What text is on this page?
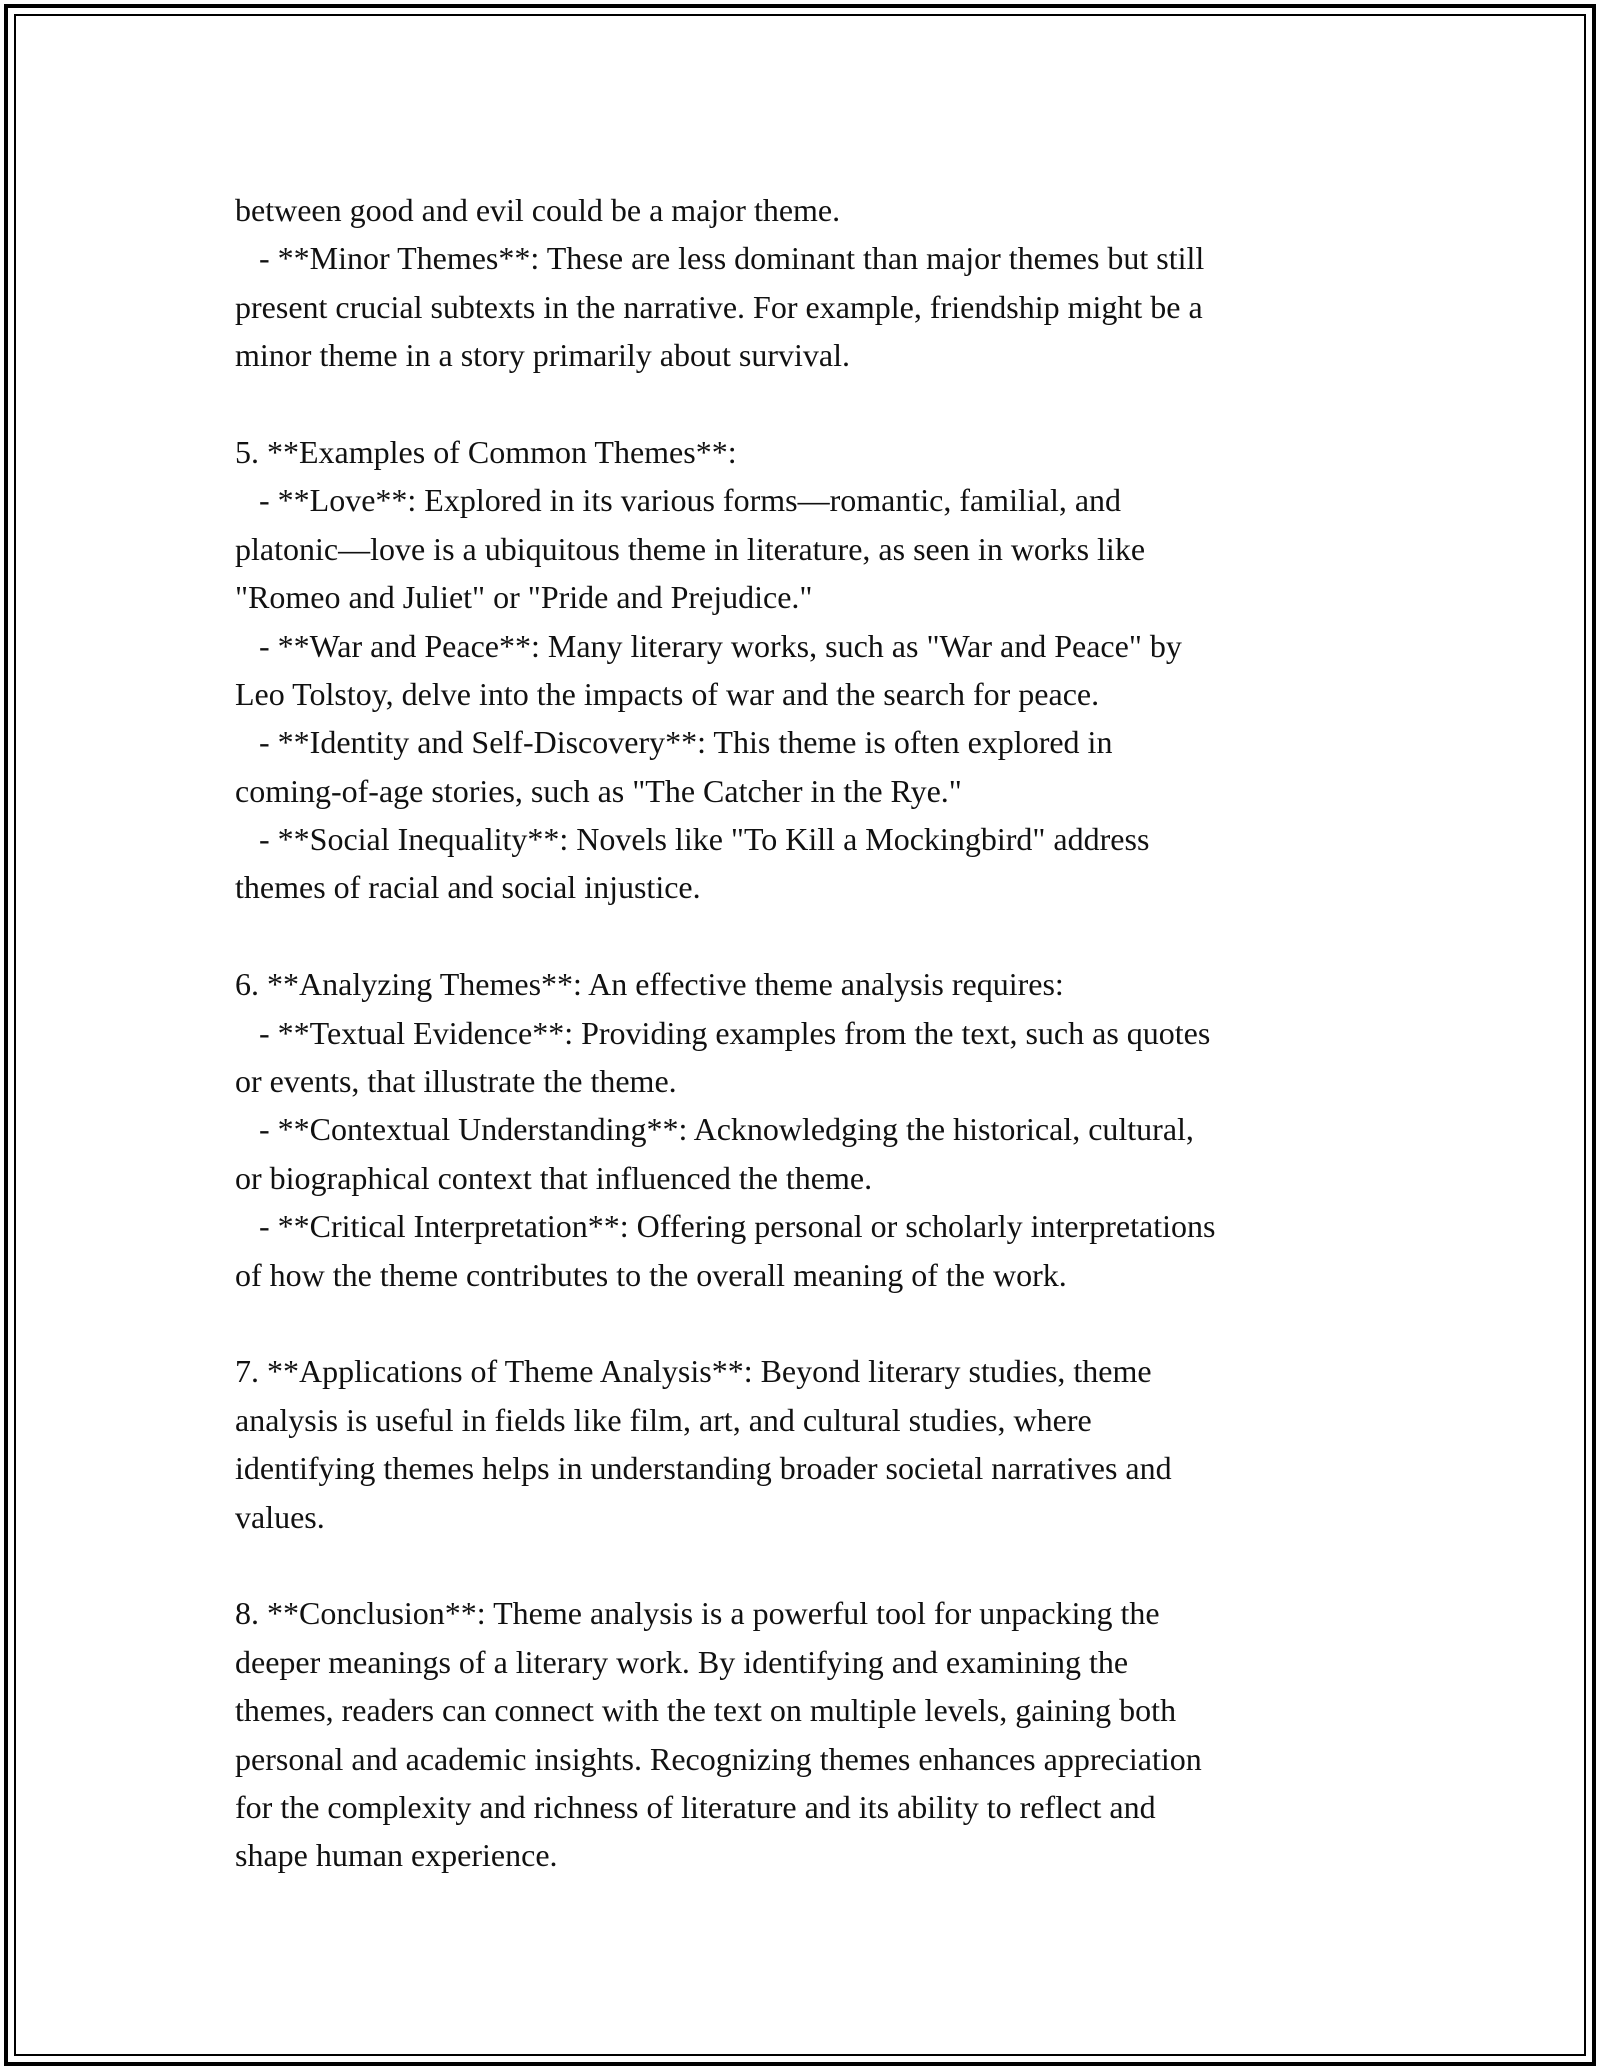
between good and evil could be a major theme.
- **Minor Themes**: These are less dominant than major themes but still
present crucial subtexts in the narrative. For example, friendship might be a
minor theme in a story primarily about survival.
5. **Examples of Common Themes**:
- **Love**: Explored in its various forms—romantic, familial, and
platonic—love is a ubiquitous theme in literature, as seen in works like
"Romeo and Juliet" or "Pride and Prejudice."
- **War and Peace**: Many literary works, such as "War and Peace" by
Leo Tolstoy, delve into the impacts of war and the search for peace.
- **Identity and Self-Discovery**: This theme is often explored in
coming-of-age stories, such as "The Catcher in the Rye."
- **Social Inequality**: Novels like "To Kill a Mockingbird" address
themes of racial and social injustice.
6. **Analyzing Themes**: An effective theme analysis requires:
- **Textual Evidence**: Providing examples from the text, such as quotes
or events, that illustrate the theme.
- **Contextual Understanding**: Acknowledging the historical, cultural,
or biographical context that influenced the theme.
- **Critical Interpretation**: Offering personal or scholarly interpretations
of how the theme contributes to the overall meaning of the work.
7. **Applications of Theme Analysis**: Beyond literary studies, theme
analysis is useful in fields like film, art, and cultural studies, where
identifying themes helps in understanding broader societal narratives and
values.
8. **Conclusion**: Theme analysis is a powerful tool for unpacking the
deeper meanings of a literary work. By identifying and examining the
themes, readers can connect with the text on multiple levels, gaining both
personal and academic insights. Recognizing themes enhances appreciation
for the complexity and richness of literature and its ability to reflect and
shape human experience.
